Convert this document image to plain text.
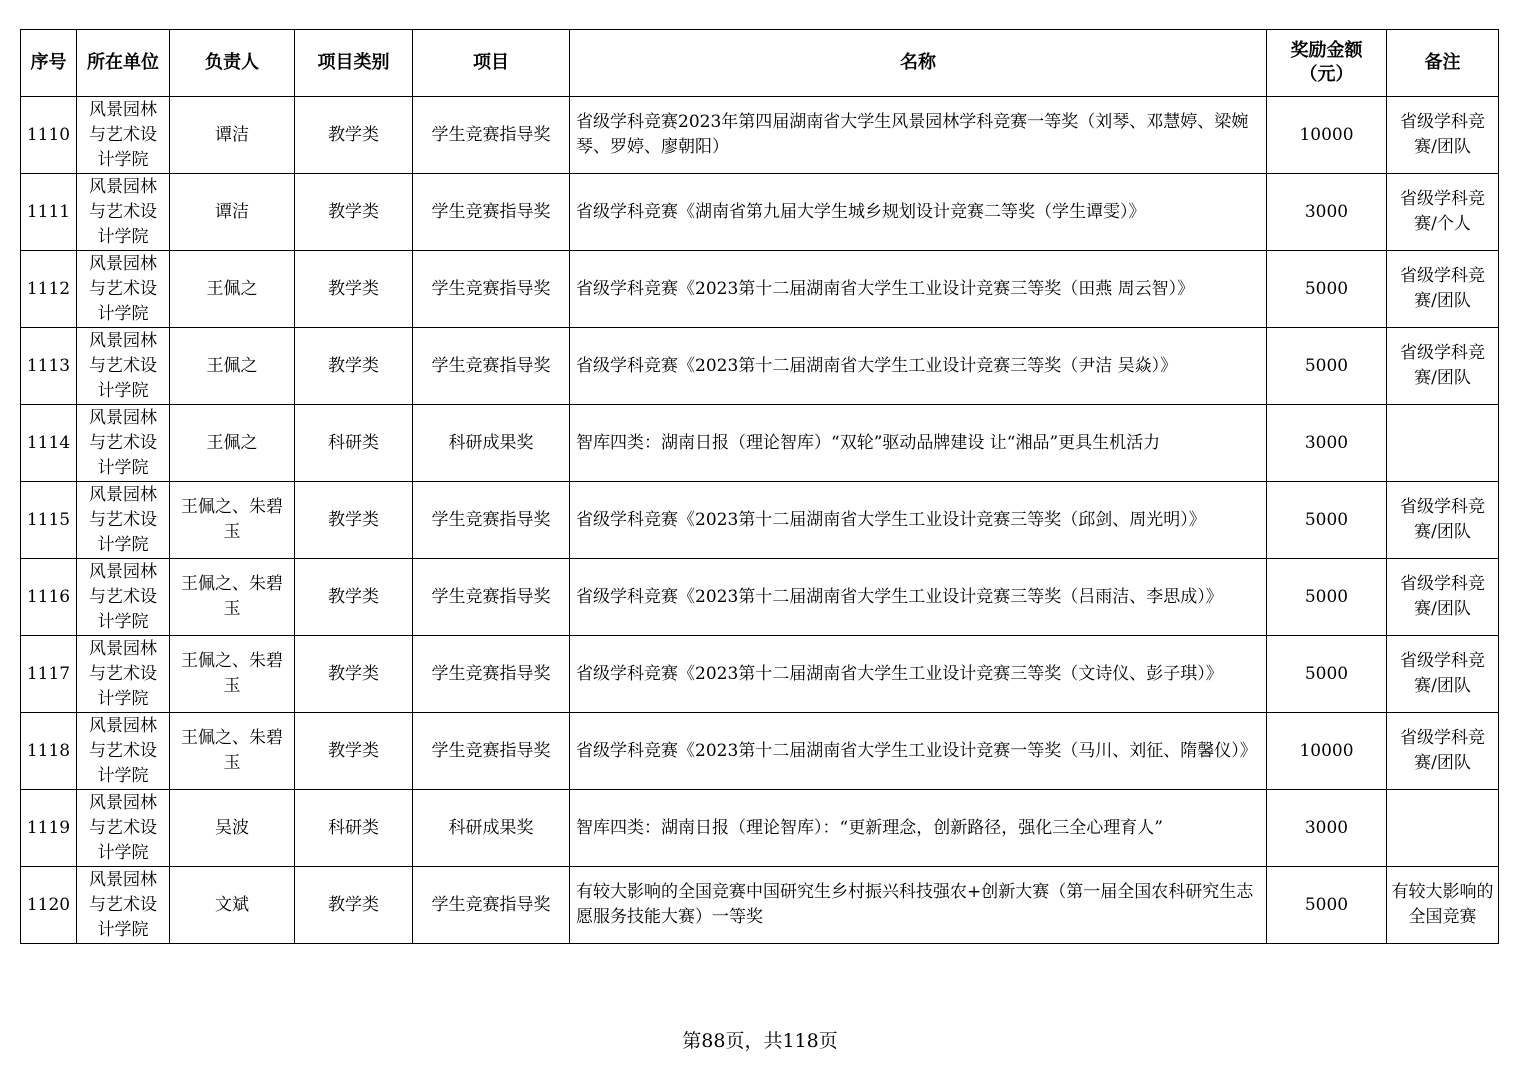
序号	所在单位	负责人	项目类别	项目	名称	奖励金额（元）	备注
1110	风景园林与艺术设计学院	谭洁	教学类	学生竞赛指导奖	省级学科竞赛2023年第四届湖南省大学生风景园林学科竞赛一等奖（刘琴、邓慧婷、梁婉琴、罗婷、廖朝阳）	10000	省级学科竞赛/团队
1111	风景园林与艺术设计学院	谭洁	教学类	学生竞赛指导奖	省级学科竞赛《湖南省第九届大学生城乡规划设计竞赛二等奖（学生谭雯）》	3000	省级学科竞赛/个人
1112	风景园林与艺术设计学院	王佩之	教学类	学生竞赛指导奖	省级学科竞赛《2023第十二届湖南省大学生工业设计竞赛三等奖（田燕 周云智）》	5000	省级学科竞赛/团队
1113	风景园林与艺术设计学院	王佩之	教学类	学生竞赛指导奖	省级学科竞赛《2023第十二届湖南省大学生工业设计竞赛三等奖（尹洁 吴焱）》	5000	省级学科竞赛/团队
1114	风景园林与艺术设计学院	王佩之	科研类	科研成果奖	智库四类：湖南日报（理论智库）“双轮”驱动品牌建设 让“湘品”更具生机活力	3000	
1115	风景园林与艺术设计学院	王佩之、朱碧玉	教学类	学生竞赛指导奖	省级学科竞赛《2023第十二届湖南省大学生工业设计竞赛三等奖（邱剑、周光明）》	5000	省级学科竞赛/团队
1116	风景园林与艺术设计学院	王佩之、朱碧玉	教学类	学生竞赛指导奖	省级学科竞赛《2023第十二届湖南省大学生工业设计竞赛三等奖（吕雨洁、李思成）》	5000	省级学科竞赛/团队
1117	风景园林与艺术设计学院	王佩之、朱碧玉	教学类	学生竞赛指导奖	省级学科竞赛《2023第十二届湖南省大学生工业设计竞赛三等奖（文诗仪、彭子琪）》	5000	省级学科竞赛/团队
1118	风景园林与艺术设计学院	王佩之、朱碧玉	教学类	学生竞赛指导奖	省级学科竞赛《2023第十二届湖南省大学生工业设计竞赛一等奖（马川、刘征、隋馨仪）》	10000	省级学科竞赛/团队
1119	风景园林与艺术设计学院	吴波	科研类	科研成果奖	智库四类：湖南日报（理论智库）：“更新理念，创新路径，强化三全心理育人”	3000	
1120	风景园林与艺术设计学院	文斌	教学类	学生竞赛指导奖	有较大影响的全国竞赛中国研究生乡村振兴科技强农+创新大赛（第一届全国农科研究生志愿服务技能大赛）一等奖	5000	有较大影响的全国竞赛
第88页，共118页
